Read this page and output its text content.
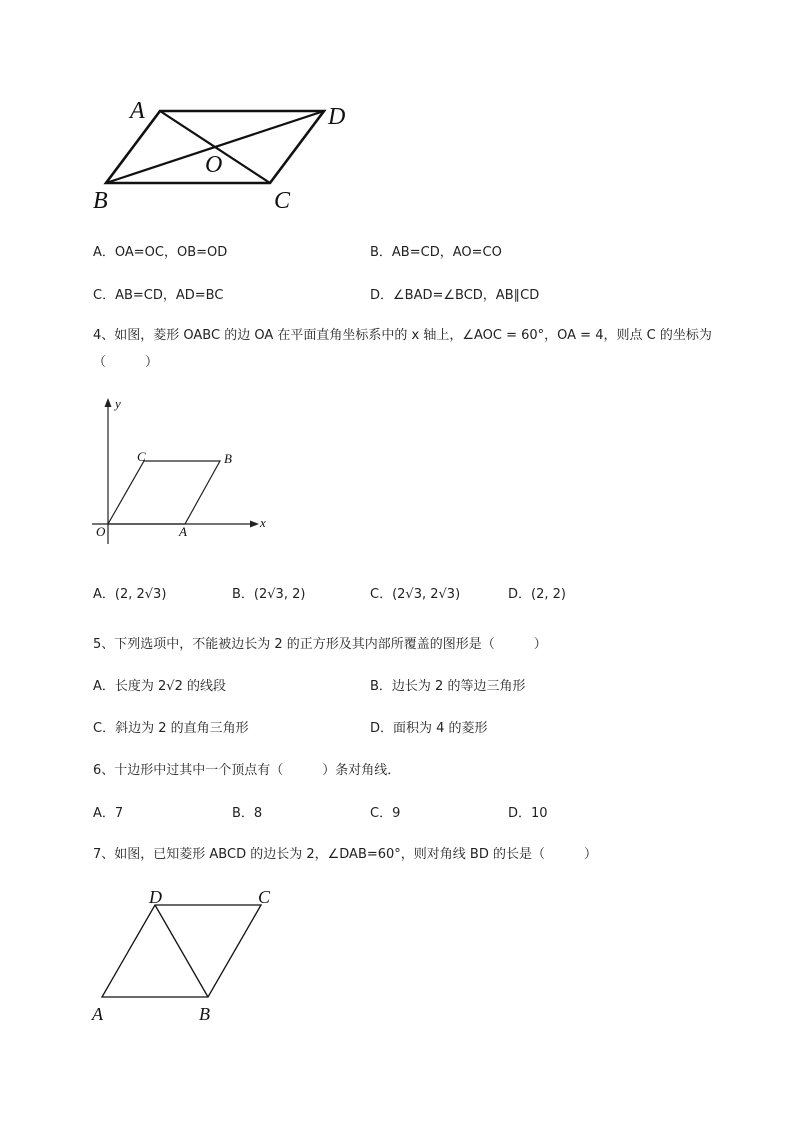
A	D
O
B	C
A．OA=OC，OB=OD	B．AB=CD，AO=CO
C．AB=CD，AD=BC	D．∠BAD=∠BCD，AB∥CD
4、如图，菱形 OABC 的边 OA 在平面直角坐标系中的 x 轴上，∠AOC = 60°，OA = 4，则点 C 的坐标为
（　　　）
y
C	B
x
O	A
A．(2, 2√3)	B．(2√3, 2)	C．(2√3, 2√3)	D．(2, 2)
5、下列选项中，不能被边长为 2 的正方形及其内部所覆盖的图形是（　　　）
A．长度为 2√2 的线段	B．边长为 2 的等边三角形
C．斜边为 2 的直角三角形	D．面积为 4 的菱形
6、十边形中过其中一个顶点有（　　　）条对角线．
A．7	B．8	C．9	D．10
7、如图，已知菱形 ABCD 的边长为 2，∠DAB=60°，则对角线 BD 的长是（　　　）
D	C
A	B
